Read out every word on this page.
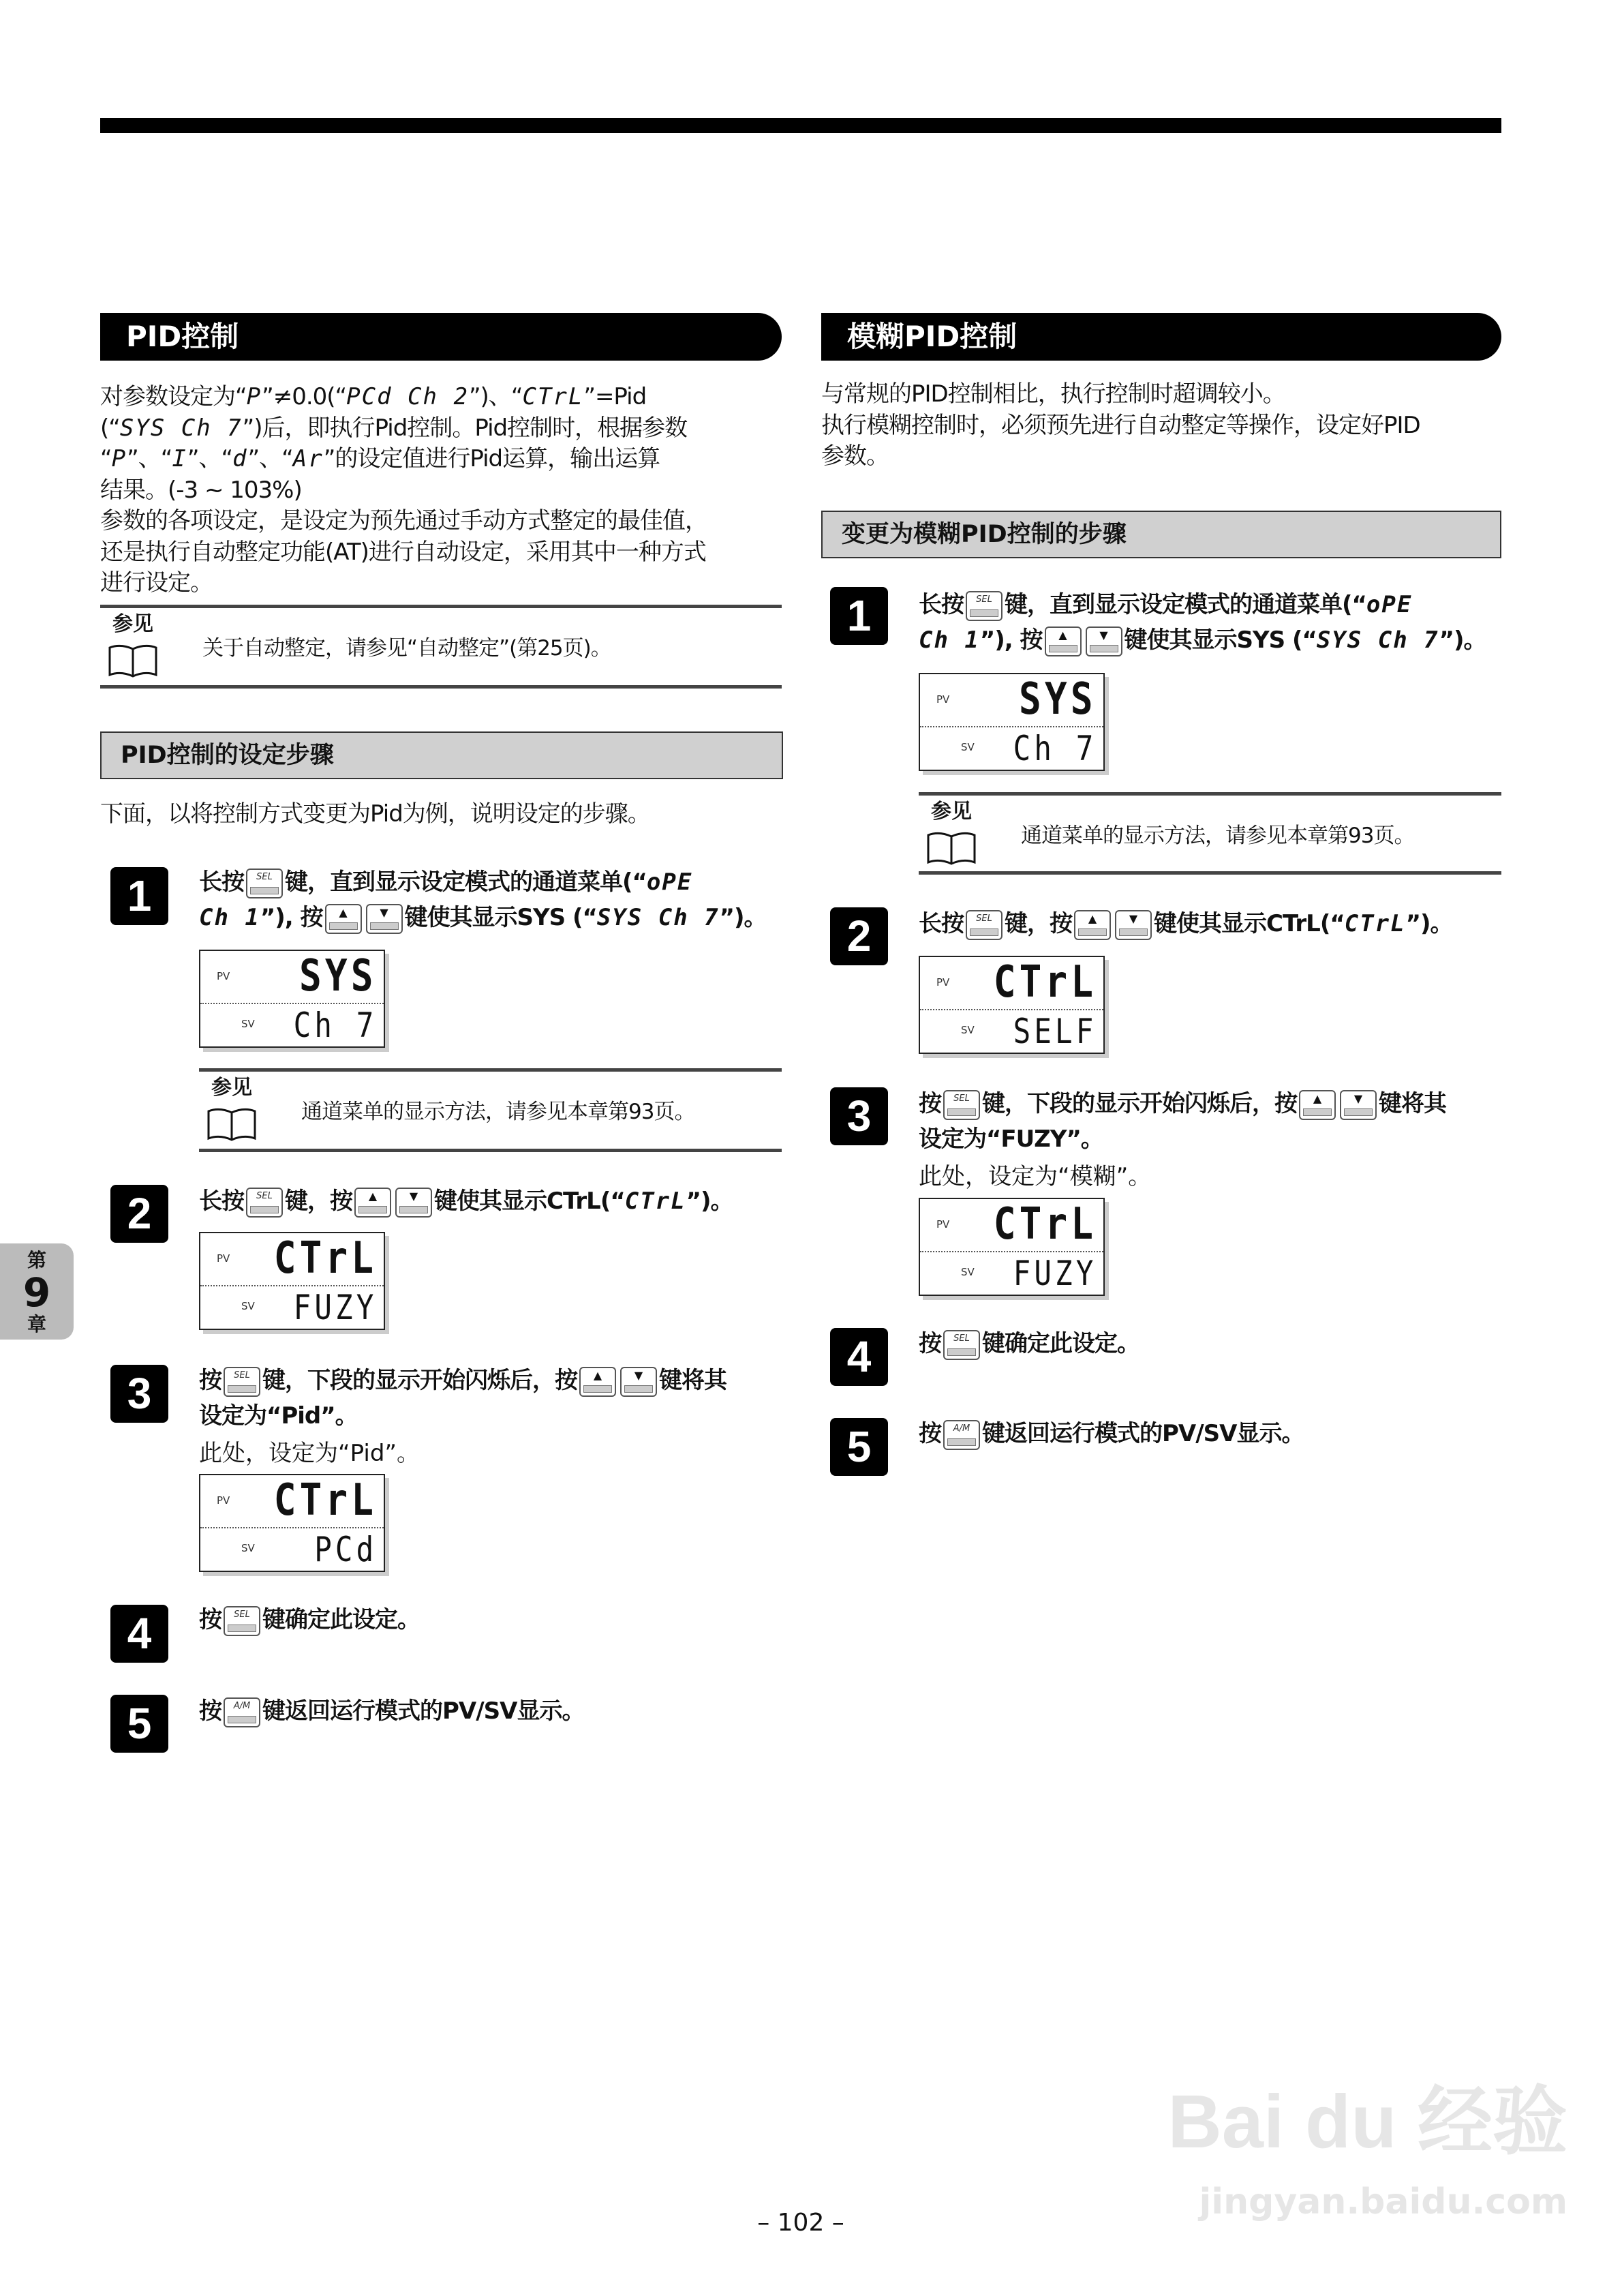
PID控制
对参数设定为“P”≠0.0(“PCd Ch 2”)、“CTrL”=Pid
(“SYS Ch 7”)后，即执行Pid控制。Pid控制时，根据参数
“P”、“I”、“d”、“Ar”的设定值进行Pid运算，输出运算
结果。(-3 ~ 103%)
参数的各项设定，是设定为预先通过手动方式整定的最佳值，
还是执行自动整定功能(AT)进行自动设定，采用其中一种方式
进行设定。
参见
关于自动整定，请参见“自动整定”(第25页)。
PID控制的设定步骤
下面，以将控制方式变更为Pid为例，说明设定的步骤。
1	长按	SEL 键，直到显示设定模式的通道菜单(“oPE
Ch 1”), 按	▲	▼ 键使其显示SYS (“SYS Ch 7”)。
PV
SV
SYS
Ch 7
参见
通道菜单的显示方法，请参见本章第93页。
2	长按	SEL 键，按	▲	▼ 键使其显示CTrL(“CTrL”)。
PV
SV
CTrL
FUZY
3	按	SEL 键，下段的显示开始闪烁后，按	▲	▼ 键将其
设定为“Pid”。
此处，设定为“Pid”。
PV
SV
CTrL
PCd
4	按	SEL 键确定此设定。
5	按	A/M 键返回运行模式的PV/SV显示。
模糊PID控制
与常规的PID控制相比，执行控制时超调较小。
执行模糊控制时，必须预先进行自动整定等操作，设定好PID
参数。
变更为模糊PID控制的步骤
1	长按	SEL 键，直到显示设定模式的通道菜单(“oPE
Ch 1”), 按	▲	▼ 键使其显示SYS (“SYS Ch 7”)。
PV
SV
SYS
Ch 7
参见
通道菜单的显示方法，请参见本章第93页。
2	长按	SEL 键，按	▲	▼ 键使其显示CTrL(“CTrL”)。
PV
SV
CTrL
SELF
3	按	SEL 键，下段的显示开始闪烁后，按	▲	▼ 键将其
设定为“FUZY”。
此处，设定为“模糊”。
PV
SV
CTrL
FUZY
4	按	SEL 键确定此设定。
5	按	A/M 键返回运行模式的PV/SV显示。
第
9
章
– 102 –
Bai du 经验
jingyan.baidu.com
